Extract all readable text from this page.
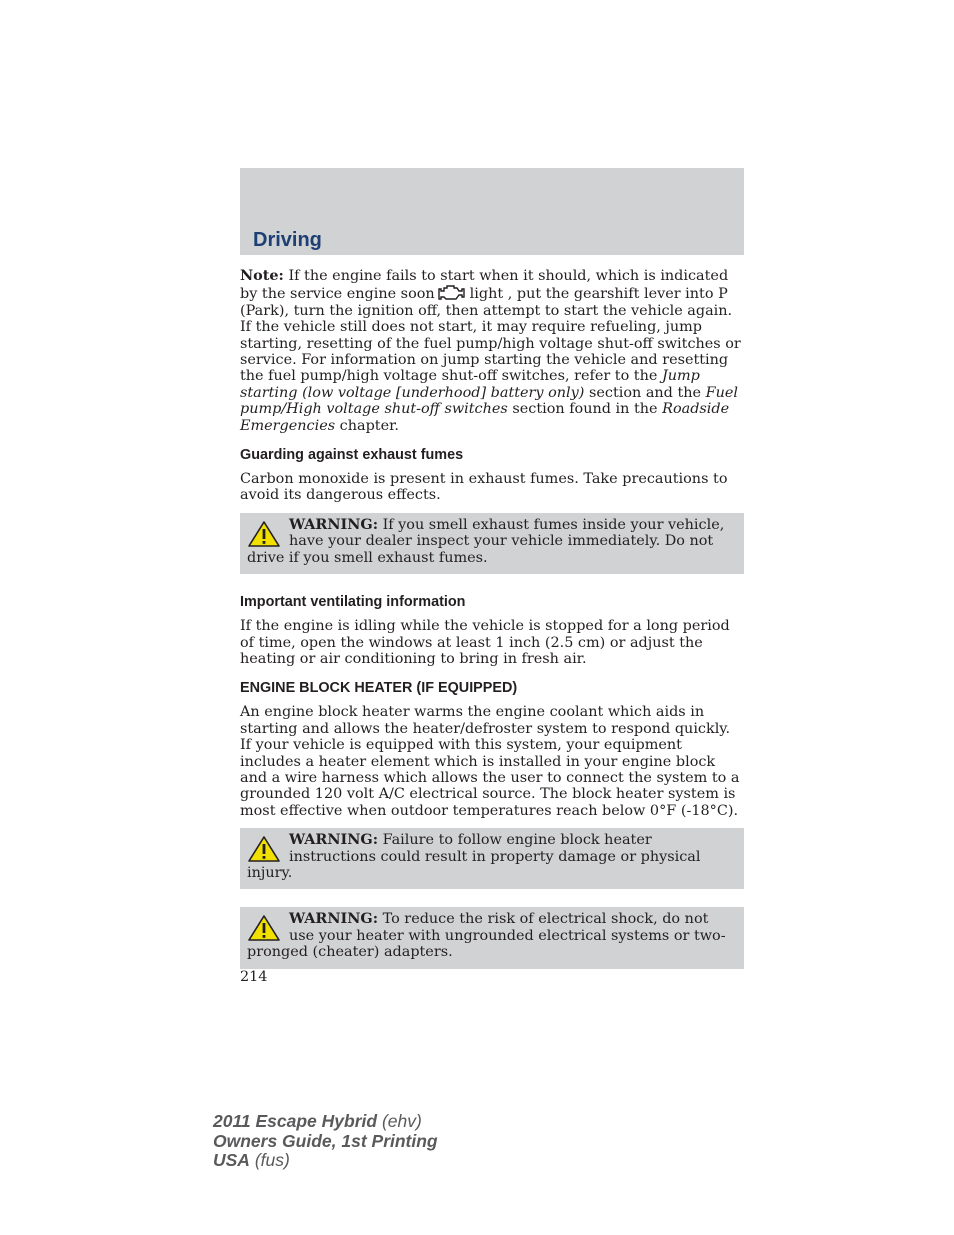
Driving

Note: If the engine fails to start when it should, which is indicated by the service engine soon light , put the gearshift lever into P (Park), turn the ignition off, then attempt to start the vehicle again. If the vehicle still does not start, it may require refueling, jump starting, resetting of the fuel pump/high voltage shut-off switches or service. For information on jump starting the vehicle and resetting the fuel pump/high voltage shut-off switches, refer to the Jump starting (low voltage [underhood] battery only) section and the Fuel pump/High voltage shut-off switches section found in the Roadside Emergencies chapter.

Guarding against exhaust fumes

Carbon monoxide is present in exhaust fumes. Take precautions to avoid its dangerous effects.

WARNING: If you smell exhaust fumes inside your vehicle, have your dealer inspect your vehicle immediately. Do not drive if you smell exhaust fumes.

Important ventilating information

If the engine is idling while the vehicle is stopped for a long period of time, open the windows at least 1 inch (2.5 cm) or adjust the heating or air conditioning to bring in fresh air.

ENGINE BLOCK HEATER (IF EQUIPPED)

An engine block heater warms the engine coolant which aids in starting and allows the heater/defroster system to respond quickly. If your vehicle is equipped with this system, your equipment includes a heater element which is installed in your engine block and a wire harness which allows the user to connect the system to a grounded 120 volt A/C electrical source. The block heater system is most effective when outdoor temperatures reach below 0°F (-18°C).

WARNING: Failure to follow engine block heater instructions could result in property damage or physical injury.
WARNING: To reduce the risk of electrical shock, do not use your heater with ungrounded electrical systems or two-pronged (cheater) adapters.

214

2011 Escape Hybrid (ehv)
Owners Guide, 1st Printing
USA (fus)
